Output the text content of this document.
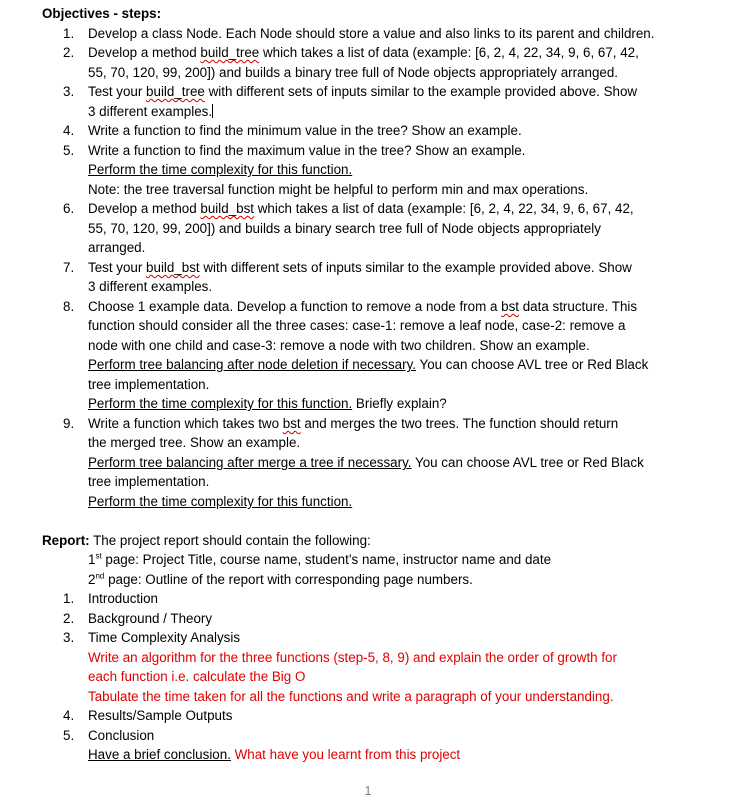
Objectives - steps:
1. Develop a class Node. Each Node should store a value and also links to its parent and children.
2. Develop a method build_tree which takes a list of data (example: [6, 2, 4, 22, 34, 9, 6, 67, 42,
55, 70, 120, 99, 200]) and builds a binary tree full of Node objects appropriately arranged.
3. Test your build_tree with different sets of inputs similar to the example provided above. Show
3 different examples.
4. Write a function to find the minimum value in the tree? Show an example.
5. Write a function to find the maximum value in the tree? Show an example.
Perform the time complexity for this function.
Note: the tree traversal function might be helpful to perform min and max operations.
6. Develop a method build_bst which takes a list of data (example: [6, 2, 4, 22, 34, 9, 6, 67, 42,
55, 70, 120, 99, 200]) and builds a binary search tree full of Node objects appropriately
arranged.
7. Test your build_bst with different sets of inputs similar to the example provided above. Show
3 different examples.
8. Choose 1 example data. Develop a function to remove a node from a bst data structure. This
function should consider all the three cases: case-1: remove a leaf node, case-2: remove a
node with one child and case-3: remove a node with two children. Show an example.
Perform tree balancing after node deletion if necessary. You can choose AVL tree or Red Black
tree implementation.
Perform the time complexity for this function. Briefly explain?
9. Write a function which takes two bst and merges the two trees. The function should return
the merged tree. Show an example.
Perform tree balancing after merge a tree if necessary. You can choose AVL tree or Red Black
tree implementation.
Perform the time complexity for this function.
Report: The project report should contain the following:
1st page: Project Title, course name, student’s name, instructor name and date
2nd page: Outline of the report with corresponding page numbers.
1. Introduction
2. Background / Theory
3. Time Complexity Analysis
Write an algorithm for the three functions (step-5, 8, 9) and explain the order of growth for
each function i.e. calculate the Big O
Tabulate the time taken for all the functions and write a paragraph of your understanding.
4. Results/Sample Outputs
5. Conclusion
Have a brief conclusion. What have you learnt from this project
1
